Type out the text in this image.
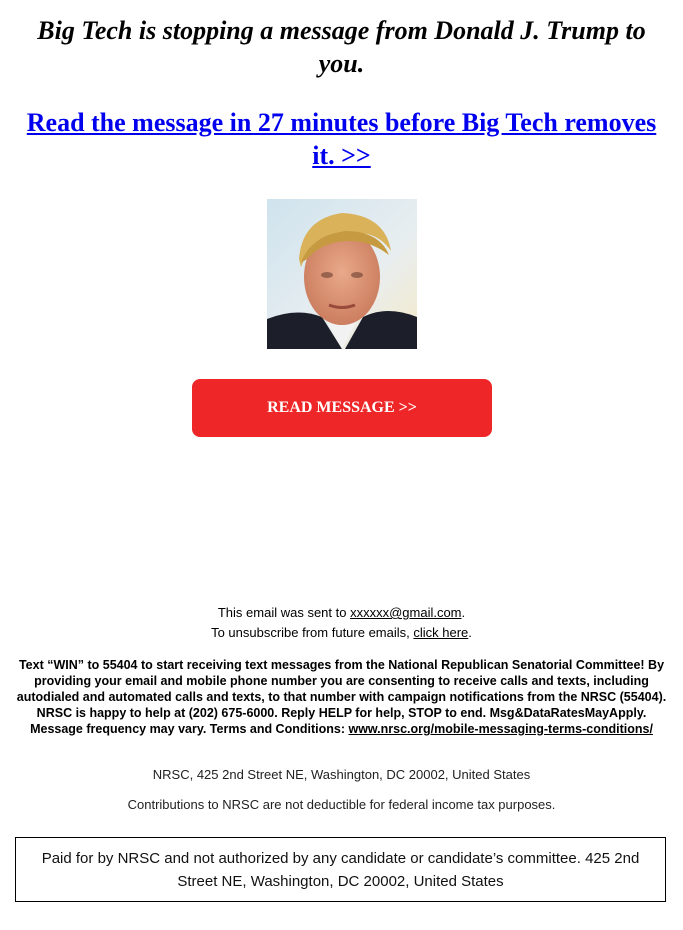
Big Tech is stopping a message from Donald J. Trump to you.
Read the message in 27 minutes before Big Tech removes it. >>
READ MESSAGE >>
This email was sent to xxxxxx@gmail.com.
To unsubscribe from future emails, click here.
Text “WIN” to 55404 to start receiving text messages from the National Republican Senatorial Committee! By providing your email and mobile phone number you are consenting to receive calls and texts, including autodialed and automated calls and texts, to that number with campaign notifications from the NRSC (55404). NRSC is happy to help at (202) 675-6000. Reply HELP for help, STOP to end. Msg&DataRatesMayApply. Message frequency may vary. Terms and Conditions: www.nrsc.org/mobile-messaging-terms-conditions/
NRSC, 425 2nd Street NE, Washington, DC 20002, United States
Contributions to NRSC are not deductible for federal income tax purposes.
Paid for by NRSC and not authorized by any candidate or candidate’s committee. 425 2nd Street NE, Washington, DC 20002, United States
